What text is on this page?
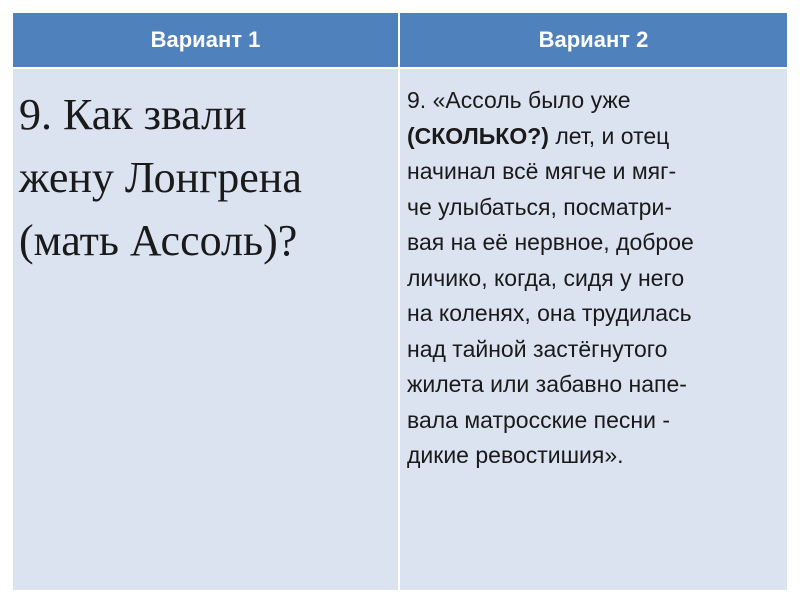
Вариант 1	Вариант 2
9. Как звали
жену Лонгрена
(мать Ассоль)?
9. «Ассоль было уже
(СКОЛЬКО?) лет, и отец
начинал всё мягче и мяг-
че улыбаться, посматри-
вая на её нервное, доброе
личико, когда, сидя у него
на коленях, она трудилась
над тайной застёгнутого
жилета или забавно напе-
вала матросские песни -
дикие ревостишия».
